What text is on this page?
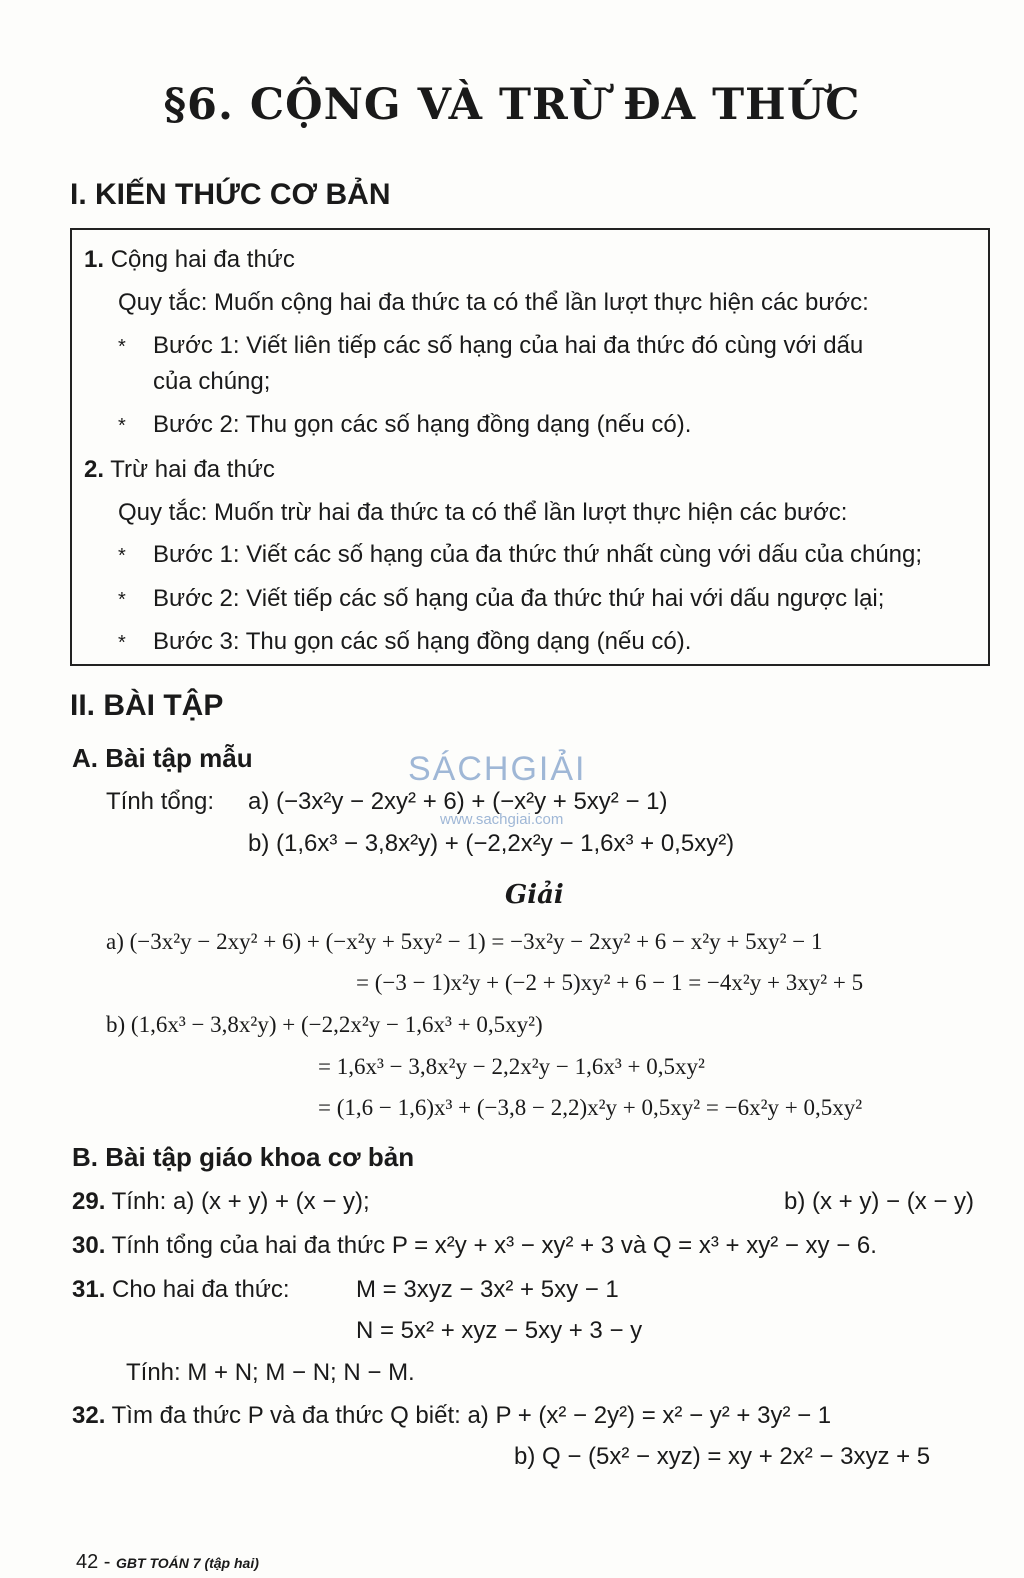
§6. CỘNG VÀ TRỪ ĐA THỨC
I. KIẾN THỨC CƠ BẢN
1. Cộng hai đa thức
Quy tắc: Muốn cộng hai đa thức ta có thể lần lượt thực hiện các bước:
* Bước 1: Viết liên tiếp các số hạng của hai đa thức đó cùng với dấu
của chúng;
* Bước 2: Thu gọn các số hạng đồng dạng (nếu có).
2. Trừ hai đa thức
Quy tắc: Muốn trừ hai đa thức ta có thể lần lượt thực hiện các bước:
* Bước 1: Viết các số hạng của đa thức thứ nhất cùng với dấu của chúng;
* Bước 2: Viết tiếp các số hạng của đa thức thứ hai với dấu ngược lại;
* Bước 3: Thu gọn các số hạng đồng dạng (nếu có).
II. BÀI TẬP
A. Bài tập mẫu	SÁCHGIẢI
www.sachgiai.com
Tính tổng: a) (−3x²y − 2xy² + 6) + (−x²y + 5xy² − 1)
b) (1,6x³ − 3,8x²y) + (−2,2x²y − 1,6x³ + 0,5xy²)
Giải
a) (−3x²y − 2xy² + 6) + (−x²y + 5xy² − 1) = −3x²y − 2xy² + 6 − x²y + 5xy² − 1
= (−3 − 1)x²y + (−2 + 5)xy² + 6 − 1 = −4x²y + 3xy² + 5
b) (1,6x³ − 3,8x²y) + (−2,2x²y − 1,6x³ + 0,5xy²)
= 1,6x³ − 3,8x²y − 2,2x²y − 1,6x³ + 0,5xy²
= (1,6 − 1,6)x³ + (−3,8 − 2,2)x²y + 0,5xy² = −6x²y + 0,5xy²
B. Bài tập giáo khoa cơ bản
29. Tính: a) (x + y) + (x − y);	b) (x + y) − (x − y)
30. Tính tổng của hai đa thức P = x²y + x³ − xy² + 3 và Q = x³ + xy² − xy − 6.
31. Cho hai đa thức:	M = 3xyz − 3x² + 5xy − 1
N = 5x² + xyz − 5xy + 3 − y
Tính: M + N; M − N; N − M.
32. Tìm đa thức P và đa thức Q biết: a) P + (x² − 2y²) = x² − y² + 3y² − 1
b) Q − (5x² − xyz) = xy + 2x² − 3xyz + 5
42 - GBT TOÁN 7 (tập hai)
